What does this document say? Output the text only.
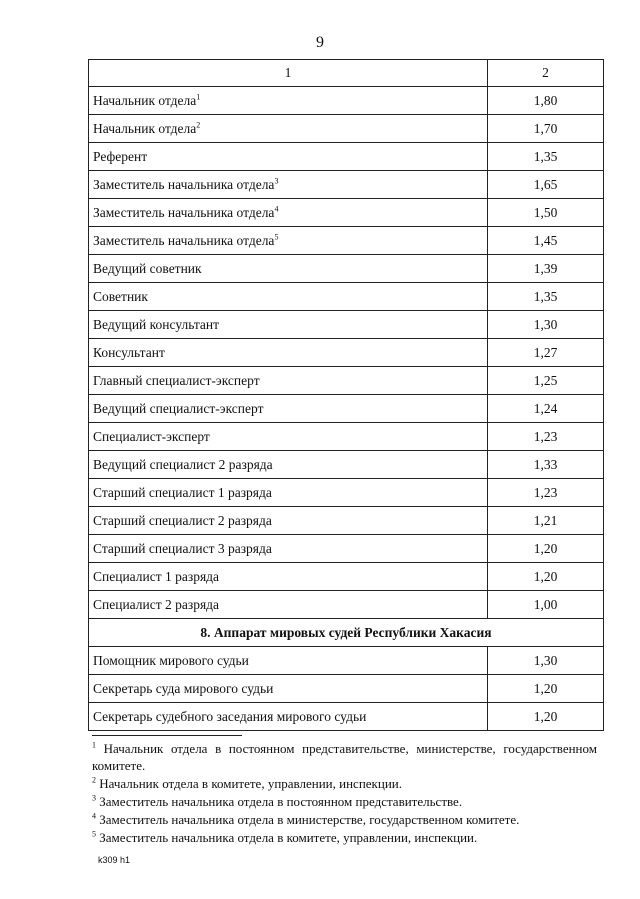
9
1	2
Начальник отдела$^1$	1,80
Начальник отдела$^2$	1,70
Референт	1,35
Заместитель начальника отдела$^3$	1,65
Заместитель начальника отдела$^4$	1,50
Заместитель начальника отдела$^5$	1,45
Ведущий советник	1,39
Советник	1,35
Ведущий консультант	1,30
Консультант	1,27
Главный специалист-эксперт	1,25
Ведущий специалист-эксперт	1,24
Специалист-эксперт	1,23
Ведущий специалист 2 разряда	1,33
Старший специалист 1 разряда	1,23
Старший специалист 2 разряда	1,21
Старший специалист 3 разряда	1,20
Специалист 1 разряда	1,20
Специалист 2 разряда	1,00
8. Аппарат мировых судей Республики Хакасия	
Помощник мирового судьи	1,30
Секретарь суда мирового судьи	1,20
Секретарь судебного заседания мирового судьи	1,20

$^1$ Начальник отдела в постоянном представительстве, министерстве, государственном комитете.

$^2$ Начальник отдела в комитете, управлении, инспекции.

$^3$ Заместитель начальника отдела в постоянном представительстве.

$^4$ Заместитель начальника отдела в министерстве, государственном комитете.

$^5$ Заместитель начальника отдела в комитете, управлении, инспекции.

k309 h1
